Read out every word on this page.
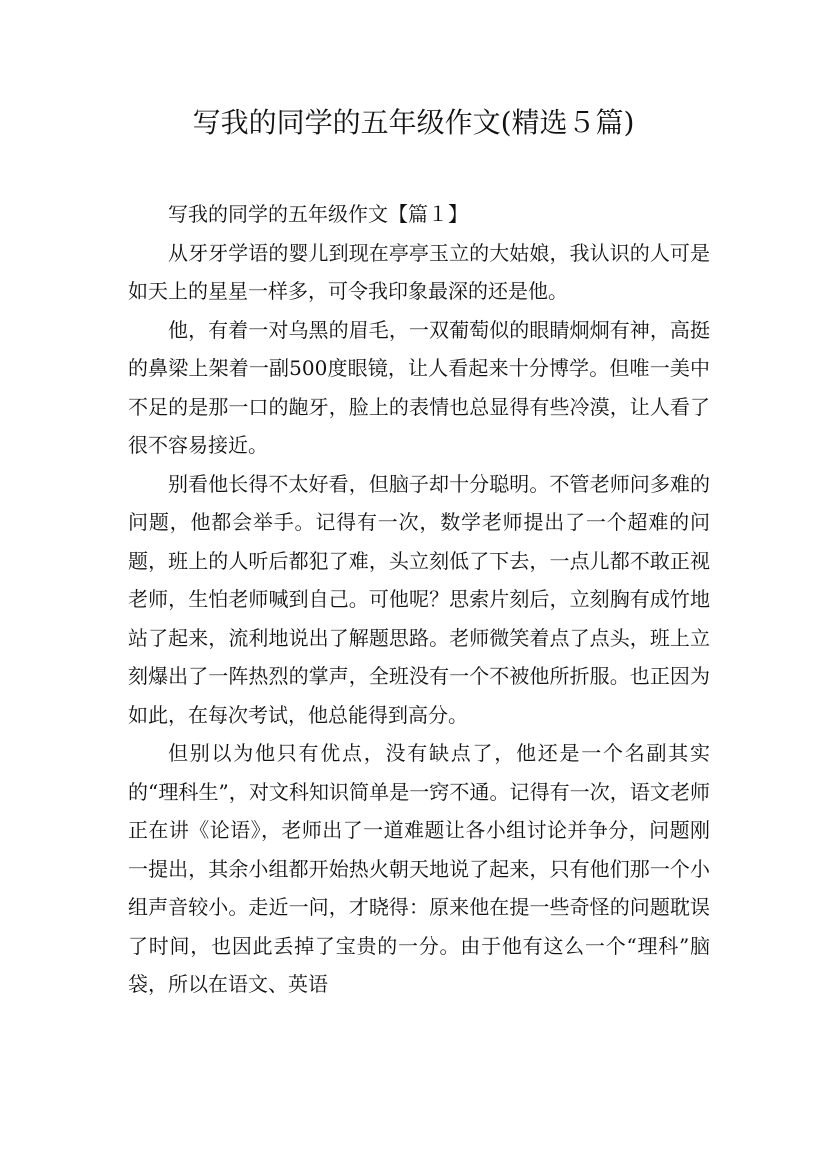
写我的同学的五年级作文(精选５篇)

写我的同学的五年级作文【篇１】

从牙牙学语的婴儿到现在亭亭玉立的大姑娘，我认识的人可是如天上的星星一样多，可令我印象最深的还是他。

他，有着一对乌黑的眉毛，一双葡萄似的眼睛炯炯有神，高挺的鼻梁上架着一副500度眼镜，让人看起来十分博学。但唯一美中不足的是那一口的龅牙，脸上的表情也总显得有些冷漠，让人看了很不容易接近。

别看他长得不太好看，但脑子却十分聪明。不管老师问多难的问题，他都会举手。记得有一次，数学老师提出了一个超难的问题，班上的人听后都犯了难，头立刻低了下去，一点儿都不敢正视老师，生怕老师喊到自己。可他呢？思索片刻后，立刻胸有成竹地站了起来，流利地说出了解题思路。老师微笑着点了点头，班上立刻爆出了一阵热烈的掌声，全班没有一个不被他所折服。也正因为如此，在每次考试，他总能得到高分。

但别以为他只有优点，没有缺点了，他还是一个名副其实的“理科生”，对文科知识简单是一窍不通。记得有一次，语文老师正在讲《论语》，老师出了一道难题让各小组讨论并争分，问题刚一提出，其余小组都开始热火朝天地说了起来，只有他们那一个小组声音较小。走近一问，才晓得：原来他在提一些奇怪的问题耽误了时间，也因此丢掉了宝贵的一分。由于他有这么一个“理科”脑袋，所以在语文、英语
